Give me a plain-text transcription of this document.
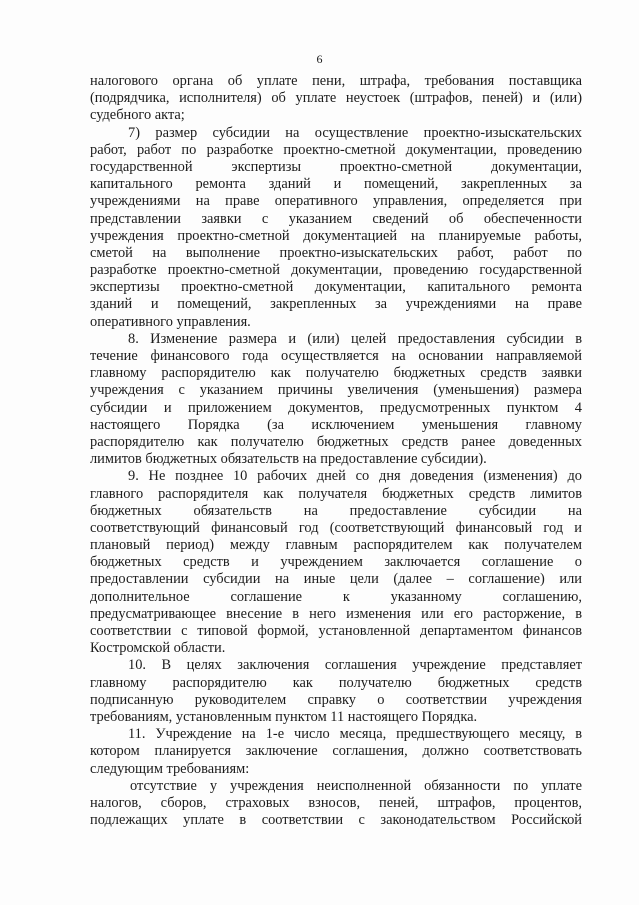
6
налогового органа об уплате пени, штрафа, требования поставщика
(подрядчика, исполнителя) об уплате неустоек (штрафов, пеней) и (или)
судебного акта;
7) размер субсидии на осуществление проектно-изыскательских
работ, работ по разработке проектно-сметной документации, проведению
государственной экспертизы проектно-сметной документации,
капитального ремонта зданий и помещений, закрепленных за
учреждениями на праве оперативного управления, определяется при
представлении заявки с указанием сведений об обеспеченности
учреждения проектно-сметной документацией на планируемые работы,
сметой на выполнение проектно-изыскательских работ, работ по
разработке проектно-сметной документации, проведению государственной
экспертизы проектно-сметной документации, капитального ремонта
зданий и помещений, закрепленных за учреждениями на праве
оперативного управления.
8. Изменение размера и (или) целей предоставления субсидии в
течение финансового года осуществляется на основании направляемой
главному распорядителю как получателю бюджетных средств заявки
учреждения с указанием причины увеличения (уменьшения) размера
субсидии и приложением документов, предусмотренных пунктом 4
настоящего Порядка (за исключением уменьшения главному
распорядителю как получателю бюджетных средств ранее доведенных
лимитов бюджетных обязательств на предоставление субсидии).
9. Не позднее 10 рабочих дней со дня доведения (изменения) до
главного распорядителя как получателя бюджетных средств лимитов
бюджетных обязательств на предоставление субсидии на
соответствующий финансовый год (соответствующий финансовый год и
плановый период) между главным распорядителем как получателем
бюджетных средств и учреждением заключается соглашение о
предоставлении субсидии на иные цели (далее – соглашение) или
дополнительное соглашение к указанному соглашению,
предусматривающее внесение в него изменения или его расторжение, в
соответствии с типовой формой, установленной департаментом финансов
Костромской области.
10. В целях заключения соглашения учреждение представляет
главному распорядителю как получателю бюджетных средств
подписанную руководителем справку о соответствии учреждения
требованиям, установленным пунктом 11 настоящего Порядка.
11. Учреждение на 1-е число месяца, предшествующего месяцу, в
котором планируется заключение соглашения, должно соответствовать
следующим требованиям:
отсутствие у учреждения неисполненной обязанности по уплате
налогов, сборов, страховых взносов, пеней, штрафов, процентов,
подлежащих уплате в соответствии с законодательством Российской
